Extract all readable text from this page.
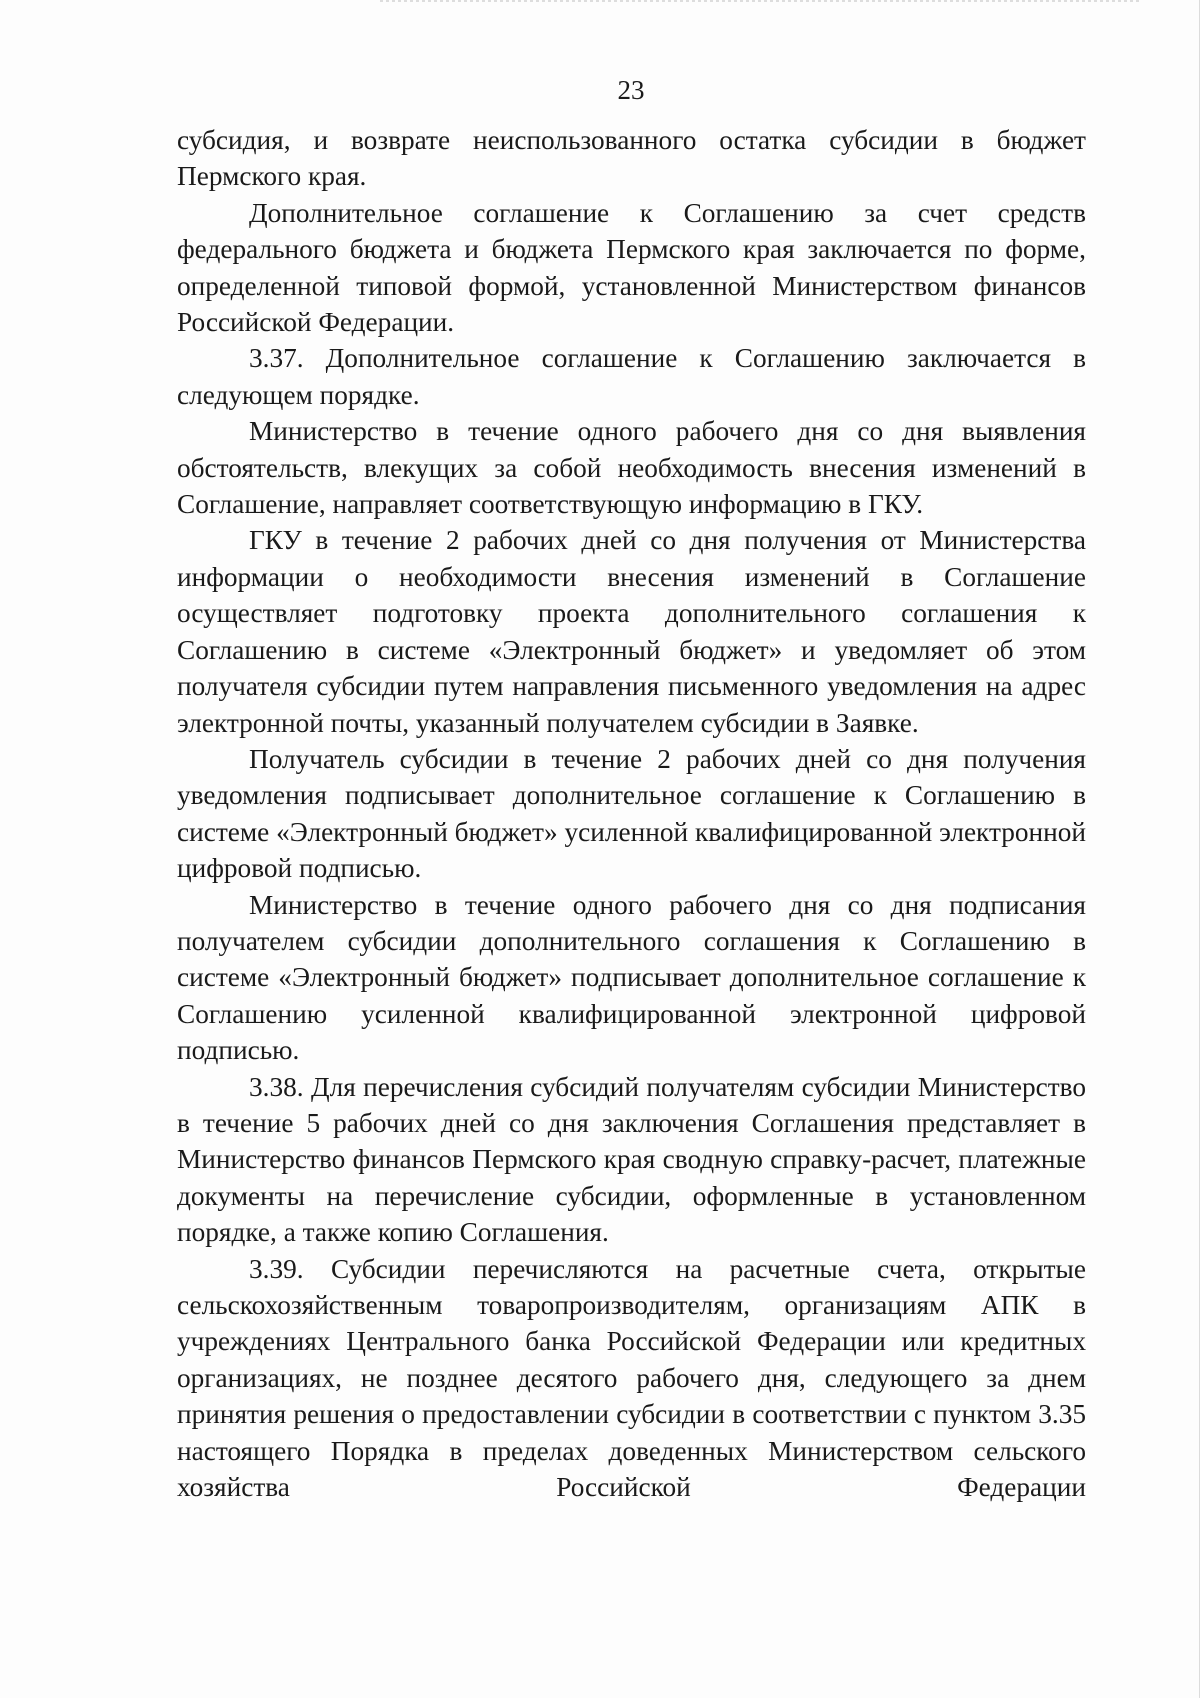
23

субсидия, и возврате неиспользованного остатка субсидии в бюджет Пермского края.

Дополнительное соглашение к Соглашению за счет средств федерального бюджета и бюджета Пермского края заключается по форме, определенной типовой формой, установленной Министерством финансов Российской Федерации.

3.37. Дополнительное соглашение к Соглашению заключается в следующем порядке.

Министерство в течение одного рабочего дня со дня выявления обстоятельств, влекущих за собой необходимость внесения изменений в Соглашение, направляет соответствующую информацию в ГКУ.

ГКУ в течение 2 рабочих дней со дня получения от Министерства информации о необходимости внесения изменений в Соглашение осуществляет подготовку проекта дополнительного соглашения к Соглашению в системе «Электронный бюджет» и уведомляет об этом получателя субсидии путем направления письменного уведомления на адрес электронной почты, указанный получателем субсидии в Заявке.

Получатель субсидии в течение 2 рабочих дней со дня получения уведомления подписывает дополнительное соглашение к Соглашению в системе «Электронный бюджет» усиленной квалифицированной электронной цифровой подписью.

Министерство в течение одного рабочего дня со дня подписания получателем субсидии дополнительного соглашения к Соглашению в системе «Электронный бюджет» подписывает дополнительное соглашение к Соглашению усиленной квалифицированной электронной цифровой подписью.

3.38. Для перечисления субсидий получателям субсидии Министерство в течение 5 рабочих дней со дня заключения Соглашения представляет в Министерство финансов Пермского края сводную справку-расчет, платежные документы на перечисление субсидии, оформленные в установленном порядке, а также копию Соглашения.

3.39. Субсидии перечисляются на расчетные счета, открытые сельскохозяйственным товаропроизводителям, организациям АПК в учреждениях Центрального банка Российской Федерации или кредитных организациях, не позднее десятого рабочего дня, следующего за днем принятия решения о предоставлении субсидии в соответствии с пунктом 3.35 настоящего Порядка в пределах доведенных Министерством сельского хозяйства Российской Федерации
